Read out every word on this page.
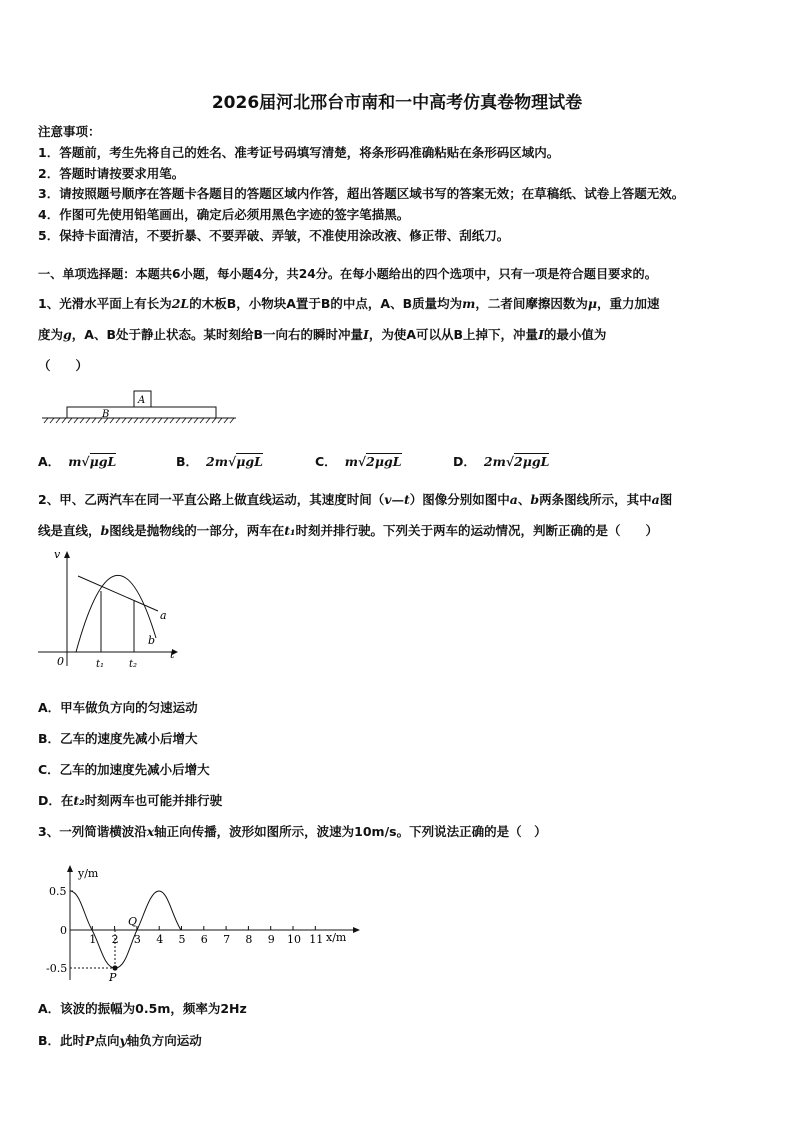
2026届河北邢台市南和一中高考仿真卷物理试卷
注意事项：
1．答题前，考生先将自己的姓名、准考证号码填写清楚，将条形码准确粘贴在条形码区域内。
2．答题时请按要求用笔。
3．请按照题号顺序在答题卡各题目的答题区域内作答，超出答题区域书写的答案无效；在草稿纸、试卷上答题无效。
4．作图可先使用铅笔画出，确定后必须用黑色字迹的签字笔描黑。
5．保持卡面清洁，不要折暴、不要弄破、弄皱，不准使用涂改液、修正带、刮纸刀。
一、单项选择题：本题共6小题，每小题4分，共24分。在每小题给出的四个选项中，只有一项是符合题目要求的。
1、光滑水平面上有长为2L的木板B，小物块A置于B的中点，A、B质量均为m，二者间摩擦因数为μ，重力加速
度为g，A、B处于静止状态。某时刻给B一向右的瞬时冲量I，为使A可以从B上掉下，冲量I的最小值为
（　　）
B
A
A． m√μgL	B． 2m√μgL	C． m√2μgL	D． 2m√2μgL
2、甲、乙两汽车在同一平直公路上做直线运动，其速度时间（v—t）图像分别如图中a、b两条图线所示，其中a图
线是直线，b图线是抛物线的一部分，两车在t₁时刻并排行驶。下列关于两车的运动情况，判断正确的是（　　）
v
t
0	t₁ t₂
a
b
A．甲车做负方向的匀速运动
B．乙车的速度先减小后增大
C．乙车的加速度先减小后增大
D．在t₂时刻两车也可能并排行驶
3、一列简谐横波沿x轴正向传播，波形如图所示，波速为10m/s。下列说法正确的是（　）
y/m
x/m
0.5
0
-0.5
1 2 3 4 5 6 7 8 9 10 11
P
Q
A．该波的振幅为0.5m，频率为2Hz
B．此时P点向y轴负方向运动
